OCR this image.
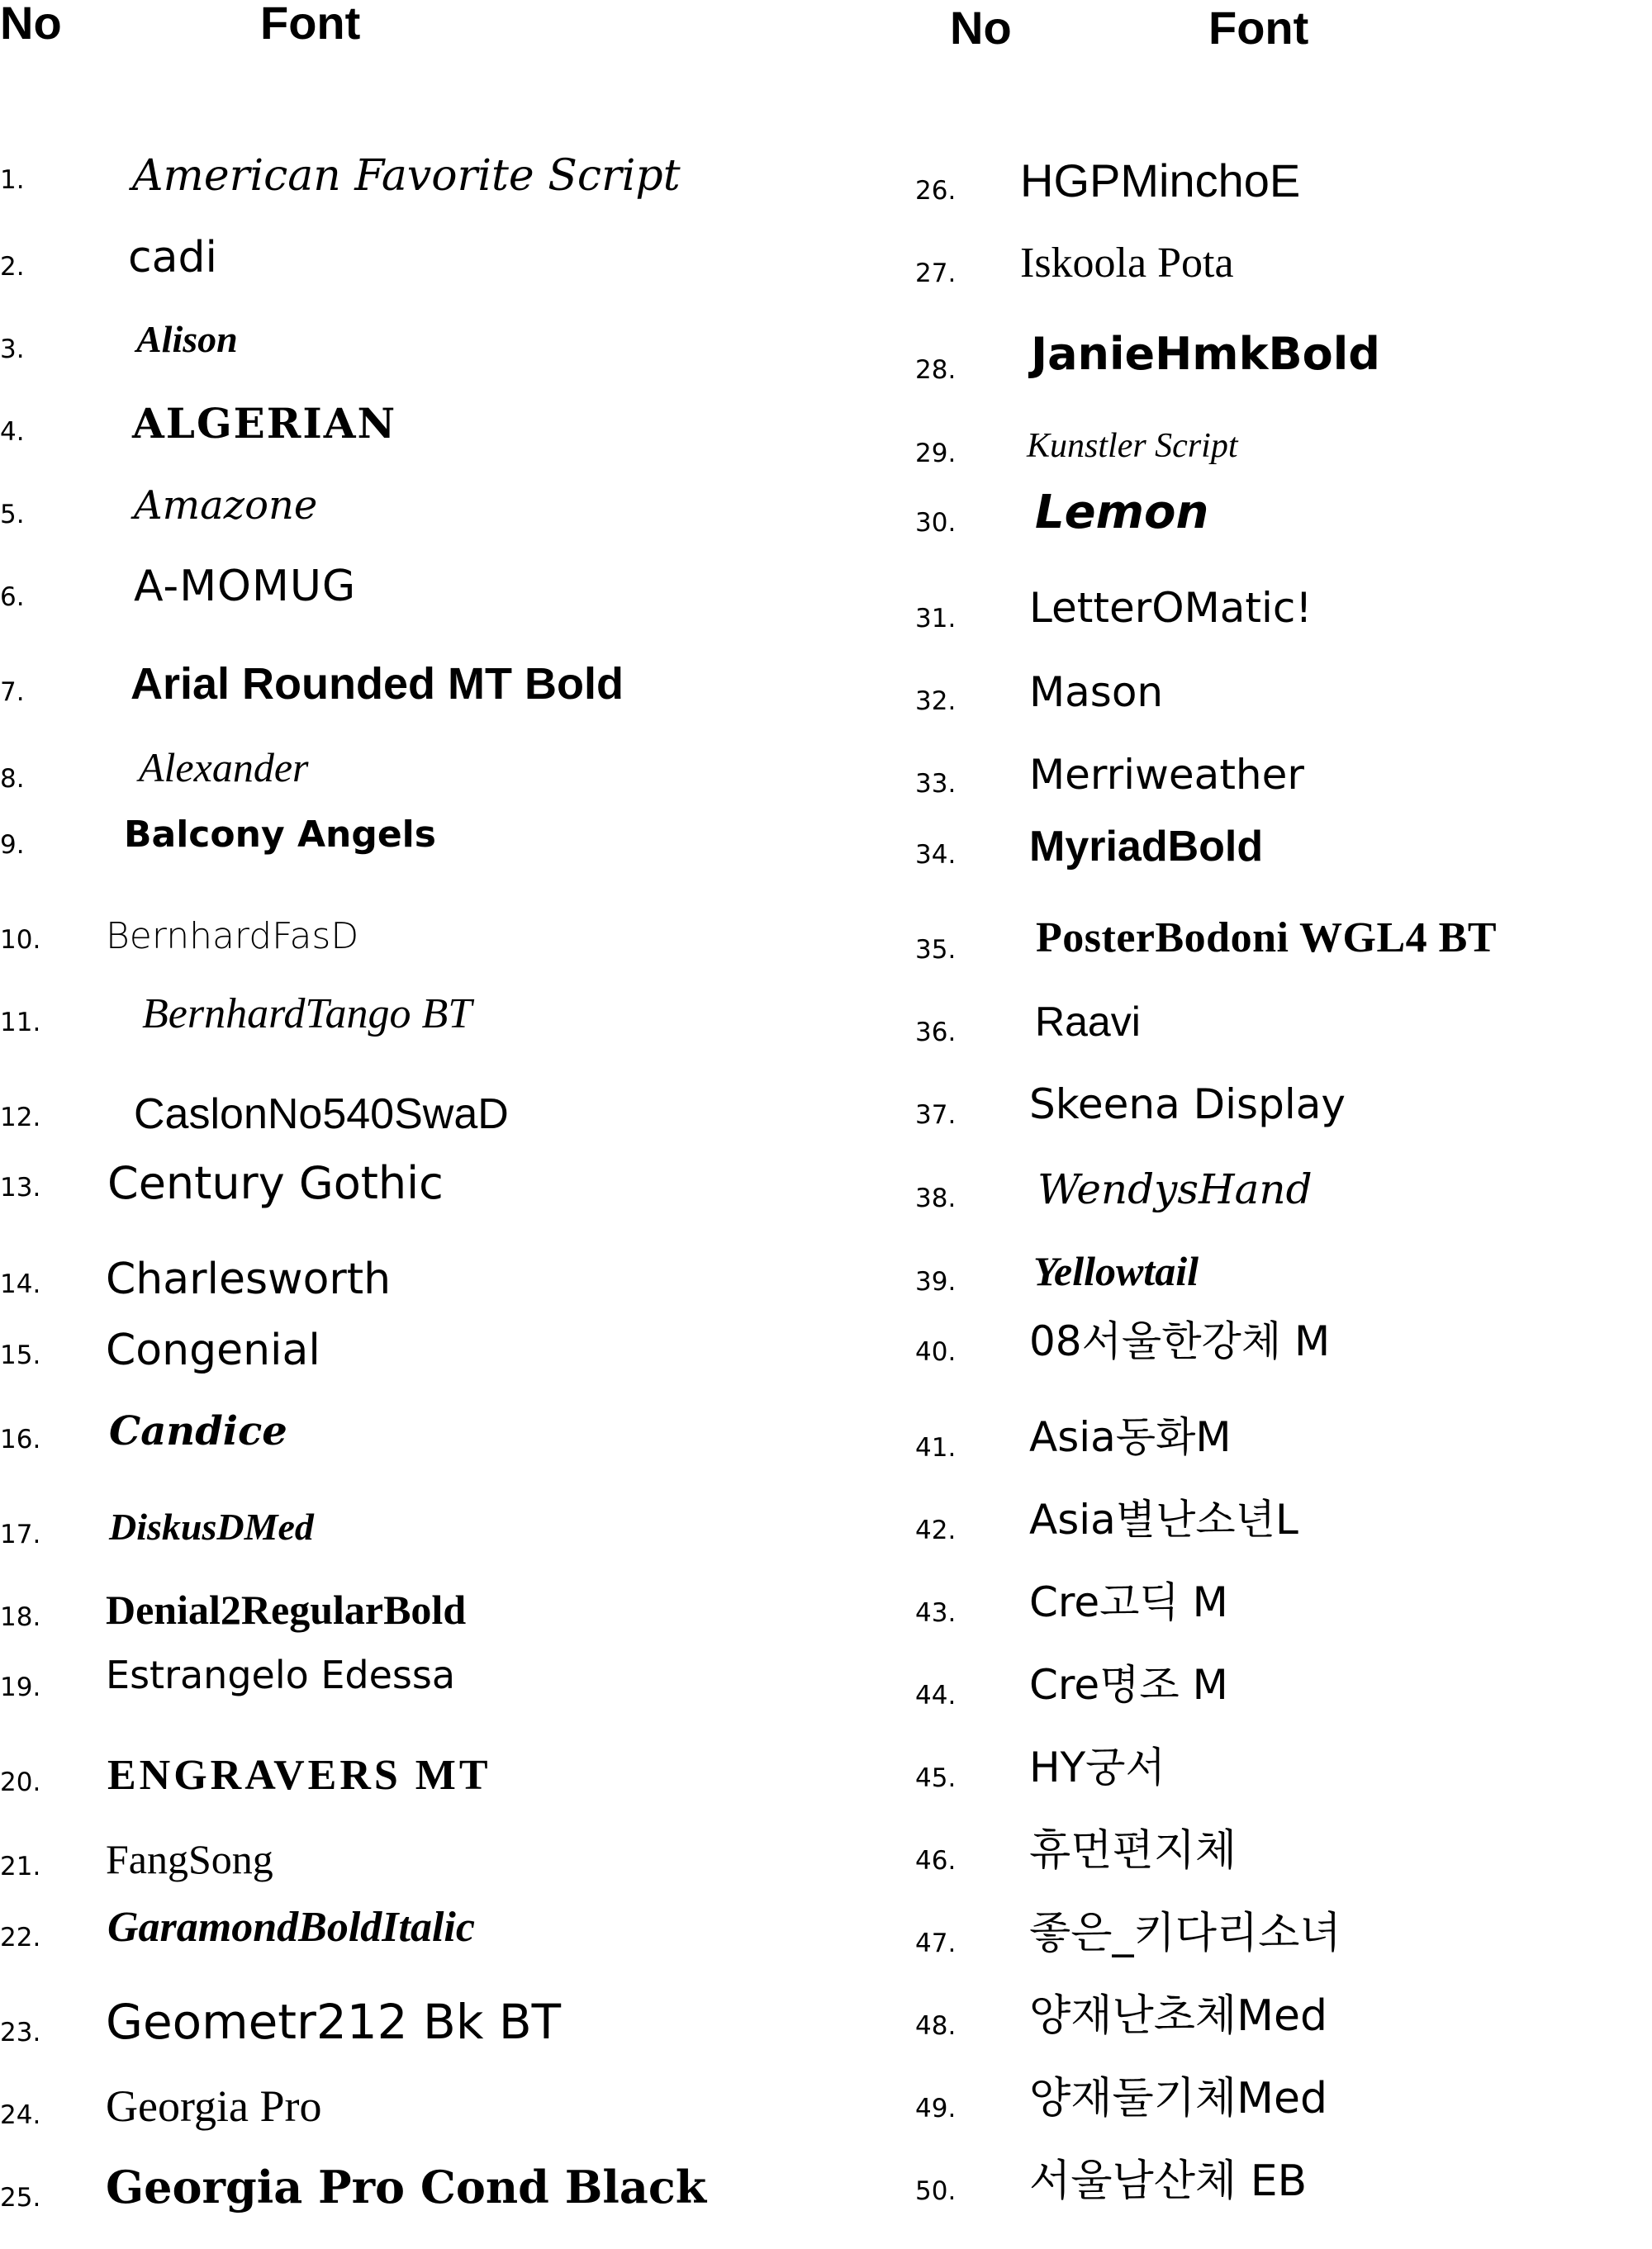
No	Font	No	Font
1.	American Favorite Script
2. cadi
3.	Alison
4.	ALGERIAN
5.	Amazone
6.	A-MOMUG
7. Arial Rounded MT Bold
8.	Alexander
9.	Balcony Angels
10. BernhardFasD
11. BernhardTango BT
12. CaslonNo540SwaD
13. Century Gothic
14. Charlesworth
15. Congenial
16. Candice
17. DiskusDMed
18. Denial2RegularBold
19. Estrangelo Edessa
20. ENGRAVERS MT
21. FangSong
22. GaramondBoldItalic
23. Geometr212 Bk BT
24. Georgia Pro
25. Georgia Pro Cond Black
26. HGPMinchoE
27. Iskoola Pota
28. JanieHmkBold
29. Kunstler Script
30. Lemon
31. LetterOMatic!
32. Mason
33. Merriweather
34. MyriadBold
35. PosterBodoni WGL4 BT
36. Raavi
37. Skeena Display
38. WendysHand
39. Yellowtail
40. 08서울한강체 M
41. Asia동화M
42. Asia별난소년L
43. Cre고딕 M
44. Cre명조 M
45. HY궁서
46. 휴먼편지체
47. 좋은_키다리소녀
48. 양재난초체Med
49. 양재둘기체Med
50. 서울남산체 EB
